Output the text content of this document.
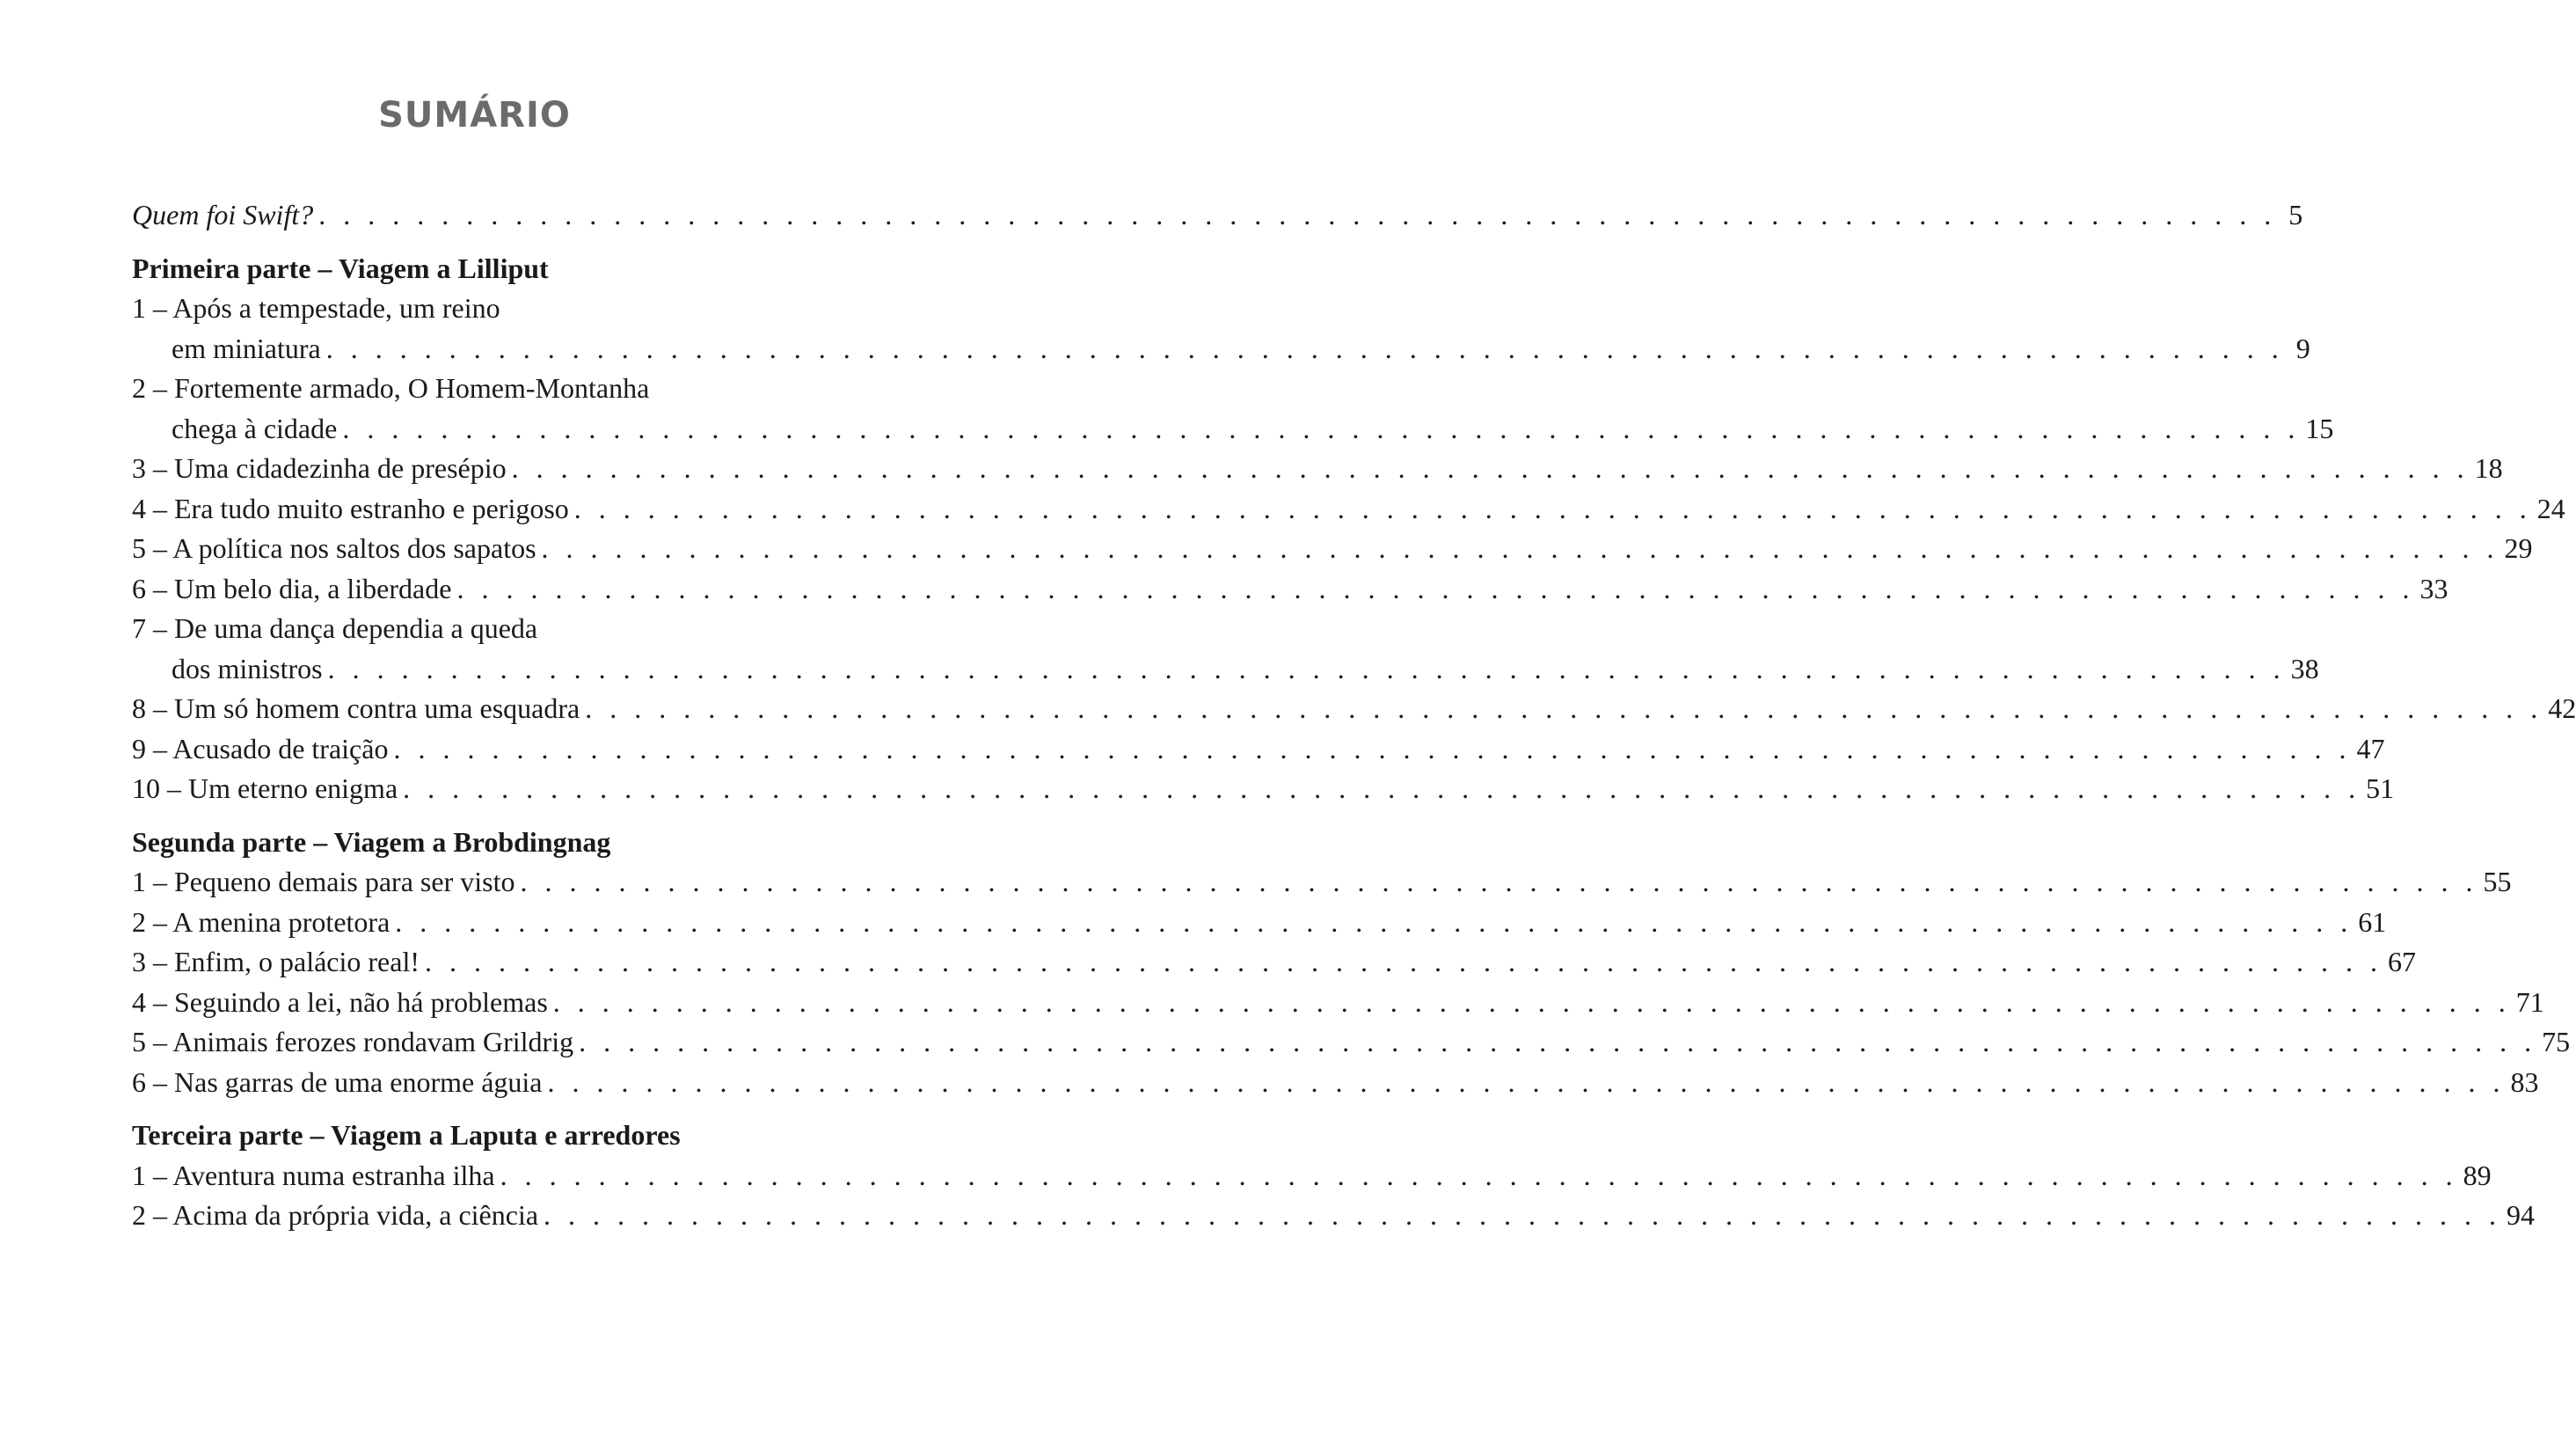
SUMÁRIO
Quem foi Swift? . . . . . . . . . . . . . . . . . . . . . . . . . . . . . . . . . . . . . . . . . . . . . . . . . . . . . . . . . . . . . . . . . . . . . . . . . . . . . . . . 5
Primeira parte – Viagem a Lilliput
1 – Após a tempestade, um reino
em miniatura . . . . . . . . . . . . . . . . . . . . . . . . . . . . . . . . . . . . . . . . . . . . . . . . . . . . . . . . . . . . . . . . . . . . . . . . . . . . . . . . 9
2 – Fortemente armado, O Homem-Montanha
chega à cidade . . . . . . . . . . . . . . . . . . . . . . . . . . . . . . . . . . . . . . . . . . . . . . . . . . . . . . . . . . . . . . . . . . . . . . . . . . . . . . . . 15
3 – Uma cidadezinha de presépio . . . . . . . . . . . . . . . . . . . . . . . . . . . . . . . . . . . . . . . . . . . . . . . . . . . . . . . . . . . . . . . . . . . . . . . . . . . . . . . . 18
4 – Era tudo muito estranho e perigoso . . . . . . . . . . . . . . . . . . . . . . . . . . . . . . . . . . . . . . . . . . . . . . . . . . . . . . . . . . . . . . . . . . . . . . . . . . . . . . . . 24
5 – A política nos saltos dos sapatos . . . . . . . . . . . . . . . . . . . . . . . . . . . . . . . . . . . . . . . . . . . . . . . . . . . . . . . . . . . . . . . . . . . . . . . . . . . . . . . . 29
6 – Um belo dia, a liberdade . . . . . . . . . . . . . . . . . . . . . . . . . . . . . . . . . . . . . . . . . . . . . . . . . . . . . . . . . . . . . . . . . . . . . . . . . . . . . . . . 33
7 – De uma dança dependia a queda
dos ministros . . . . . . . . . . . . . . . . . . . . . . . . . . . . . . . . . . . . . . . . . . . . . . . . . . . . . . . . . . . . . . . . . . . . . . . . . . . . . . . . 38
8 – Um só homem contra uma esquadra . . . . . . . . . . . . . . . . . . . . . . . . . . . . . . . . . . . . . . . . . . . . . . . . . . . . . . . . . . . . . . . . . . . . . . . . . . . . . . . . 42
9 – Acusado de traição . . . . . . . . . . . . . . . . . . . . . . . . . . . . . . . . . . . . . . . . . . . . . . . . . . . . . . . . . . . . . . . . . . . . . . . . . . . . . . . . 47
10 – Um eterno enigma . . . . . . . . . . . . . . . . . . . . . . . . . . . . . . . . . . . . . . . . . . . . . . . . . . . . . . . . . . . . . . . . . . . . . . . . . . . . . . . . 51
Segunda parte – Viagem a Brobdingnag
1 – Pequeno demais para ser visto . . . . . . . . . . . . . . . . . . . . . . . . . . . . . . . . . . . . . . . . . . . . . . . . . . . . . . . . . . . . . . . . . . . . . . . . . . . . . . . . 55
2 – A menina protetora . . . . . . . . . . . . . . . . . . . . . . . . . . . . . . . . . . . . . . . . . . . . . . . . . . . . . . . . . . . . . . . . . . . . . . . . . . . . . . . . 61
3 – Enfim, o palácio real! . . . . . . . . . . . . . . . . . . . . . . . . . . . . . . . . . . . . . . . . . . . . . . . . . . . . . . . . . . . . . . . . . . . . . . . . . . . . . . . . 67
4 – Seguindo a lei, não há problemas . . . . . . . . . . . . . . . . . . . . . . . . . . . . . . . . . . . . . . . . . . . . . . . . . . . . . . . . . . . . . . . . . . . . . . . . . . . . . . . . 71
5 – Animais ferozes rondavam Grildrig . . . . . . . . . . . . . . . . . . . . . . . . . . . . . . . . . . . . . . . . . . . . . . . . . . . . . . . . . . . . . . . . . . . . . . . . . . . . . . . . 75
6 – Nas garras de uma enorme águia . . . . . . . . . . . . . . . . . . . . . . . . . . . . . . . . . . . . . . . . . . . . . . . . . . . . . . . . . . . . . . . . . . . . . . . . . . . . . . . . 83
Terceira parte – Viagem a Laputa e arredores
1 – Aventura numa estranha ilha . . . . . . . . . . . . . . . . . . . . . . . . . . . . . . . . . . . . . . . . . . . . . . . . . . . . . . . . . . . . . . . . . . . . . . . . . . . . . . . . 89
2 – Acima da própria vida, a ciência . . . . . . . . . . . . . . . . . . . . . . . . . . . . . . . . . . . . . . . . . . . . . . . . . . . . . . . . . . . . . . . . . . . . . . . . . . . . . . . . 94
